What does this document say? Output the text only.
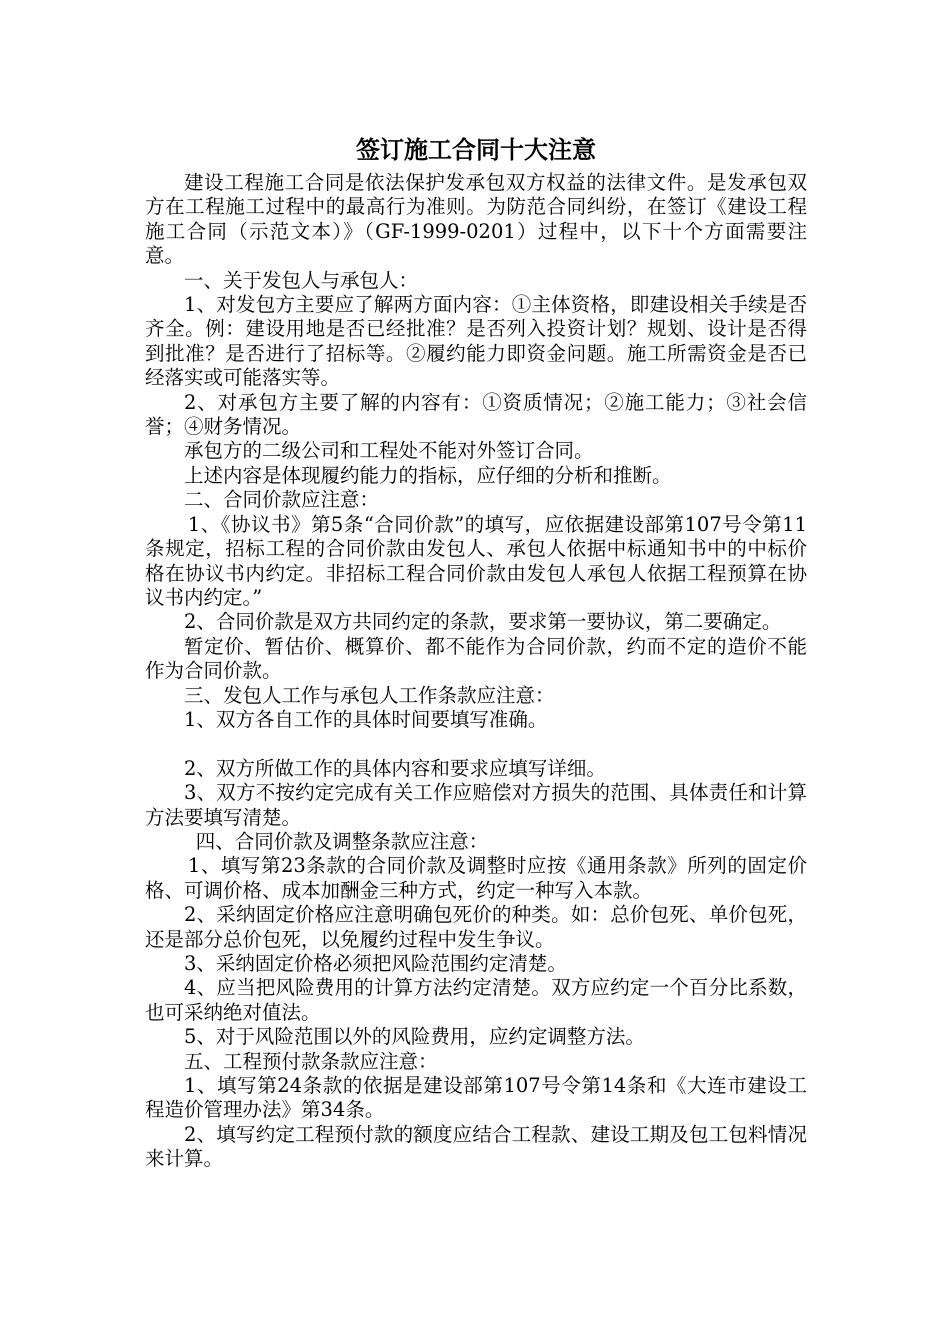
签订施工合同十大注意

建设工程施工合同是依法保护发承包双方权益的法律文件。是发承包双方在工程施工过程中的最高行为准则。为防范合同纠纷，在签订《建设工程施工合同（示范文本）》（GF-1999-0201）过程中，以下十个方面需要注意。

一、关于发包人与承包人：

1、对发包方主要应了解两方面内容：①主体资格，即建设相关手续是否齐全。例：建设用地是否已经批准？是否列入投资计划？规划、设计是否得到批准？是否进行了招标等。②履约能力即资金问题。施工所需资金是否已经落实或可能落实等。

2、对承包方主要了解的内容有：①资质情况；②施工能力；③社会信誉；④财务情况。

承包方的二级公司和工程处不能对外签订合同。

上述内容是体现履约能力的指标，应仔细的分析和推断。

二、合同价款应注意：

1、《协议书》第5条“合同价款”的填写，应依据建设部第107号令第11条规定，招标工程的合同价款由发包人、承包人依据中标通知书中的中标价格在协议书内约定。非招标工程合同价款由发包人承包人依据工程预算在协议书内约定。”

2、合同价款是双方共同约定的条款，要求第一要协议，第二要确定。

暂定价、暂估价、概算价、都不能作为合同价款，约而不定的造价不能作为合同价款。

三、发包人工作与承包人工作条款应注意：

1、双方各自工作的具体时间要填写准确。

2、双方所做工作的具体内容和要求应填写详细。

3、双方不按约定完成有关工作应赔偿对方损失的范围、具体责任和计算方法要填写清楚。

四、合同价款及调整条款应注意：

1、填写第23条款的合同价款及调整时应按《通用条款》所列的固定价格、可调价格、成本加酬金三种方式，约定一种写入本款。

2、采纳固定价格应注意明确包死价的种类。如：总价包死、单价包死，还是部分总价包死，以免履约过程中发生争议。

3、采纳固定价格必须把风险范围约定清楚。

4、应当把风险费用的计算方法约定清楚。双方应约定一个百分比系数，也可采纳绝对值法。

5、对于风险范围以外的风险费用，应约定调整方法。

五、工程预付款条款应注意：

1、填写第24条款的依据是建设部第107号令第14条和《大连市建设工程造价管理办法》第34条。

2、填写约定工程预付款的额度应结合工程款、建设工期及包工包料情况来计算。
